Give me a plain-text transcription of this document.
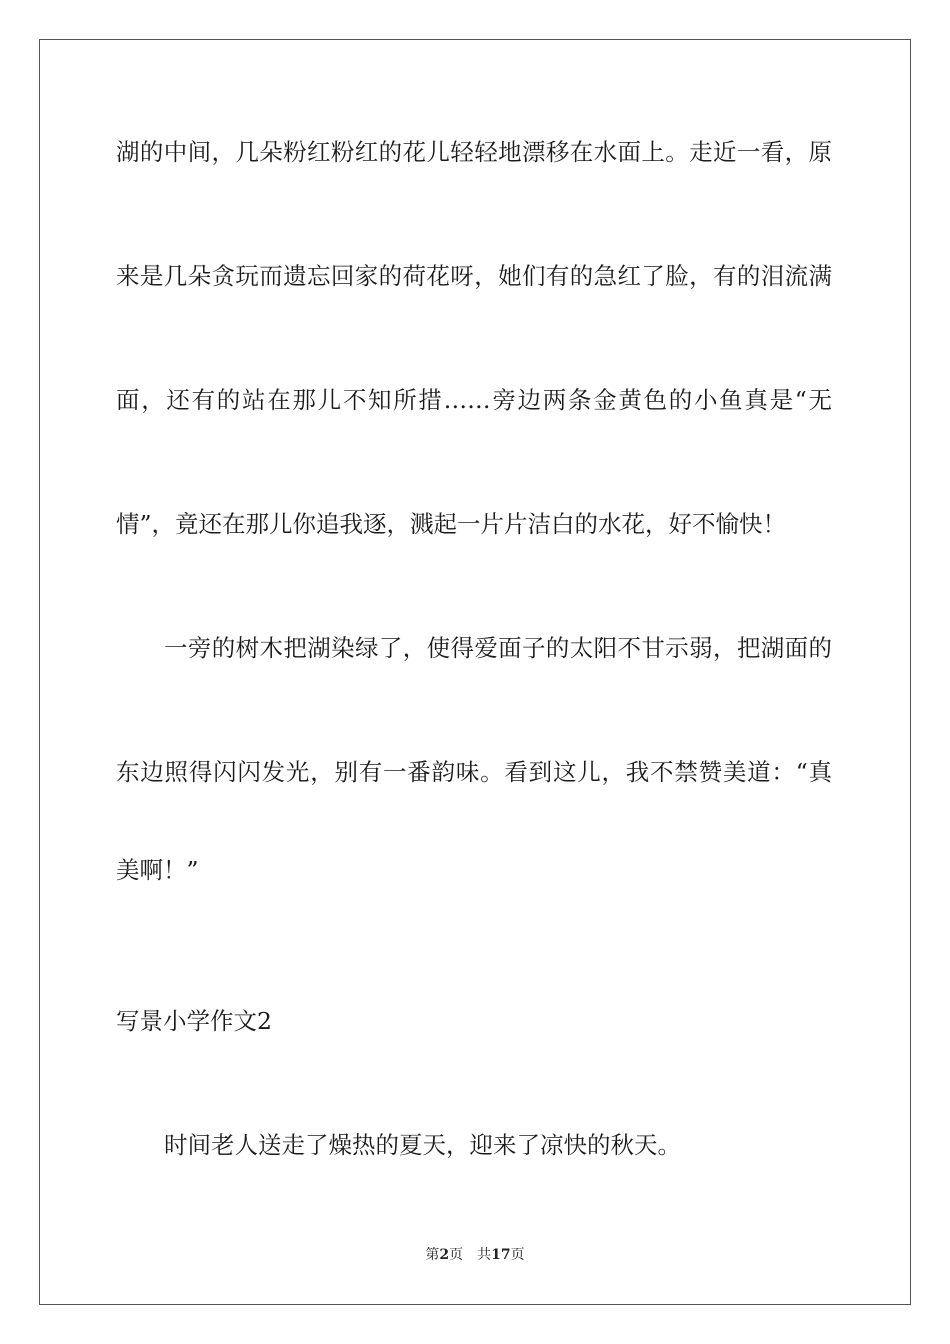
湖的中间，几朵粉红粉红的花儿轻轻地漂移在水面上。走近一看，原
来是几朵贪玩而遗忘回家的荷花呀，她们有的急红了脸，有的泪流满
面，还有的站在那儿不知所措……旁边两条金黄色的小鱼真是“无
情”，竟还在那儿你追我逐，溅起一片片洁白的水花，好不愉快！
一旁的树木把湖染绿了，使得爱面子的太阳不甘示弱，把湖面的
东边照得闪闪发光，别有一番韵味。看到这儿，我不禁赞美道：“真
美啊！”
写景小学作文2
时间老人送走了燥热的夏天，迎来了凉快的秋天。
第2页 共17页
